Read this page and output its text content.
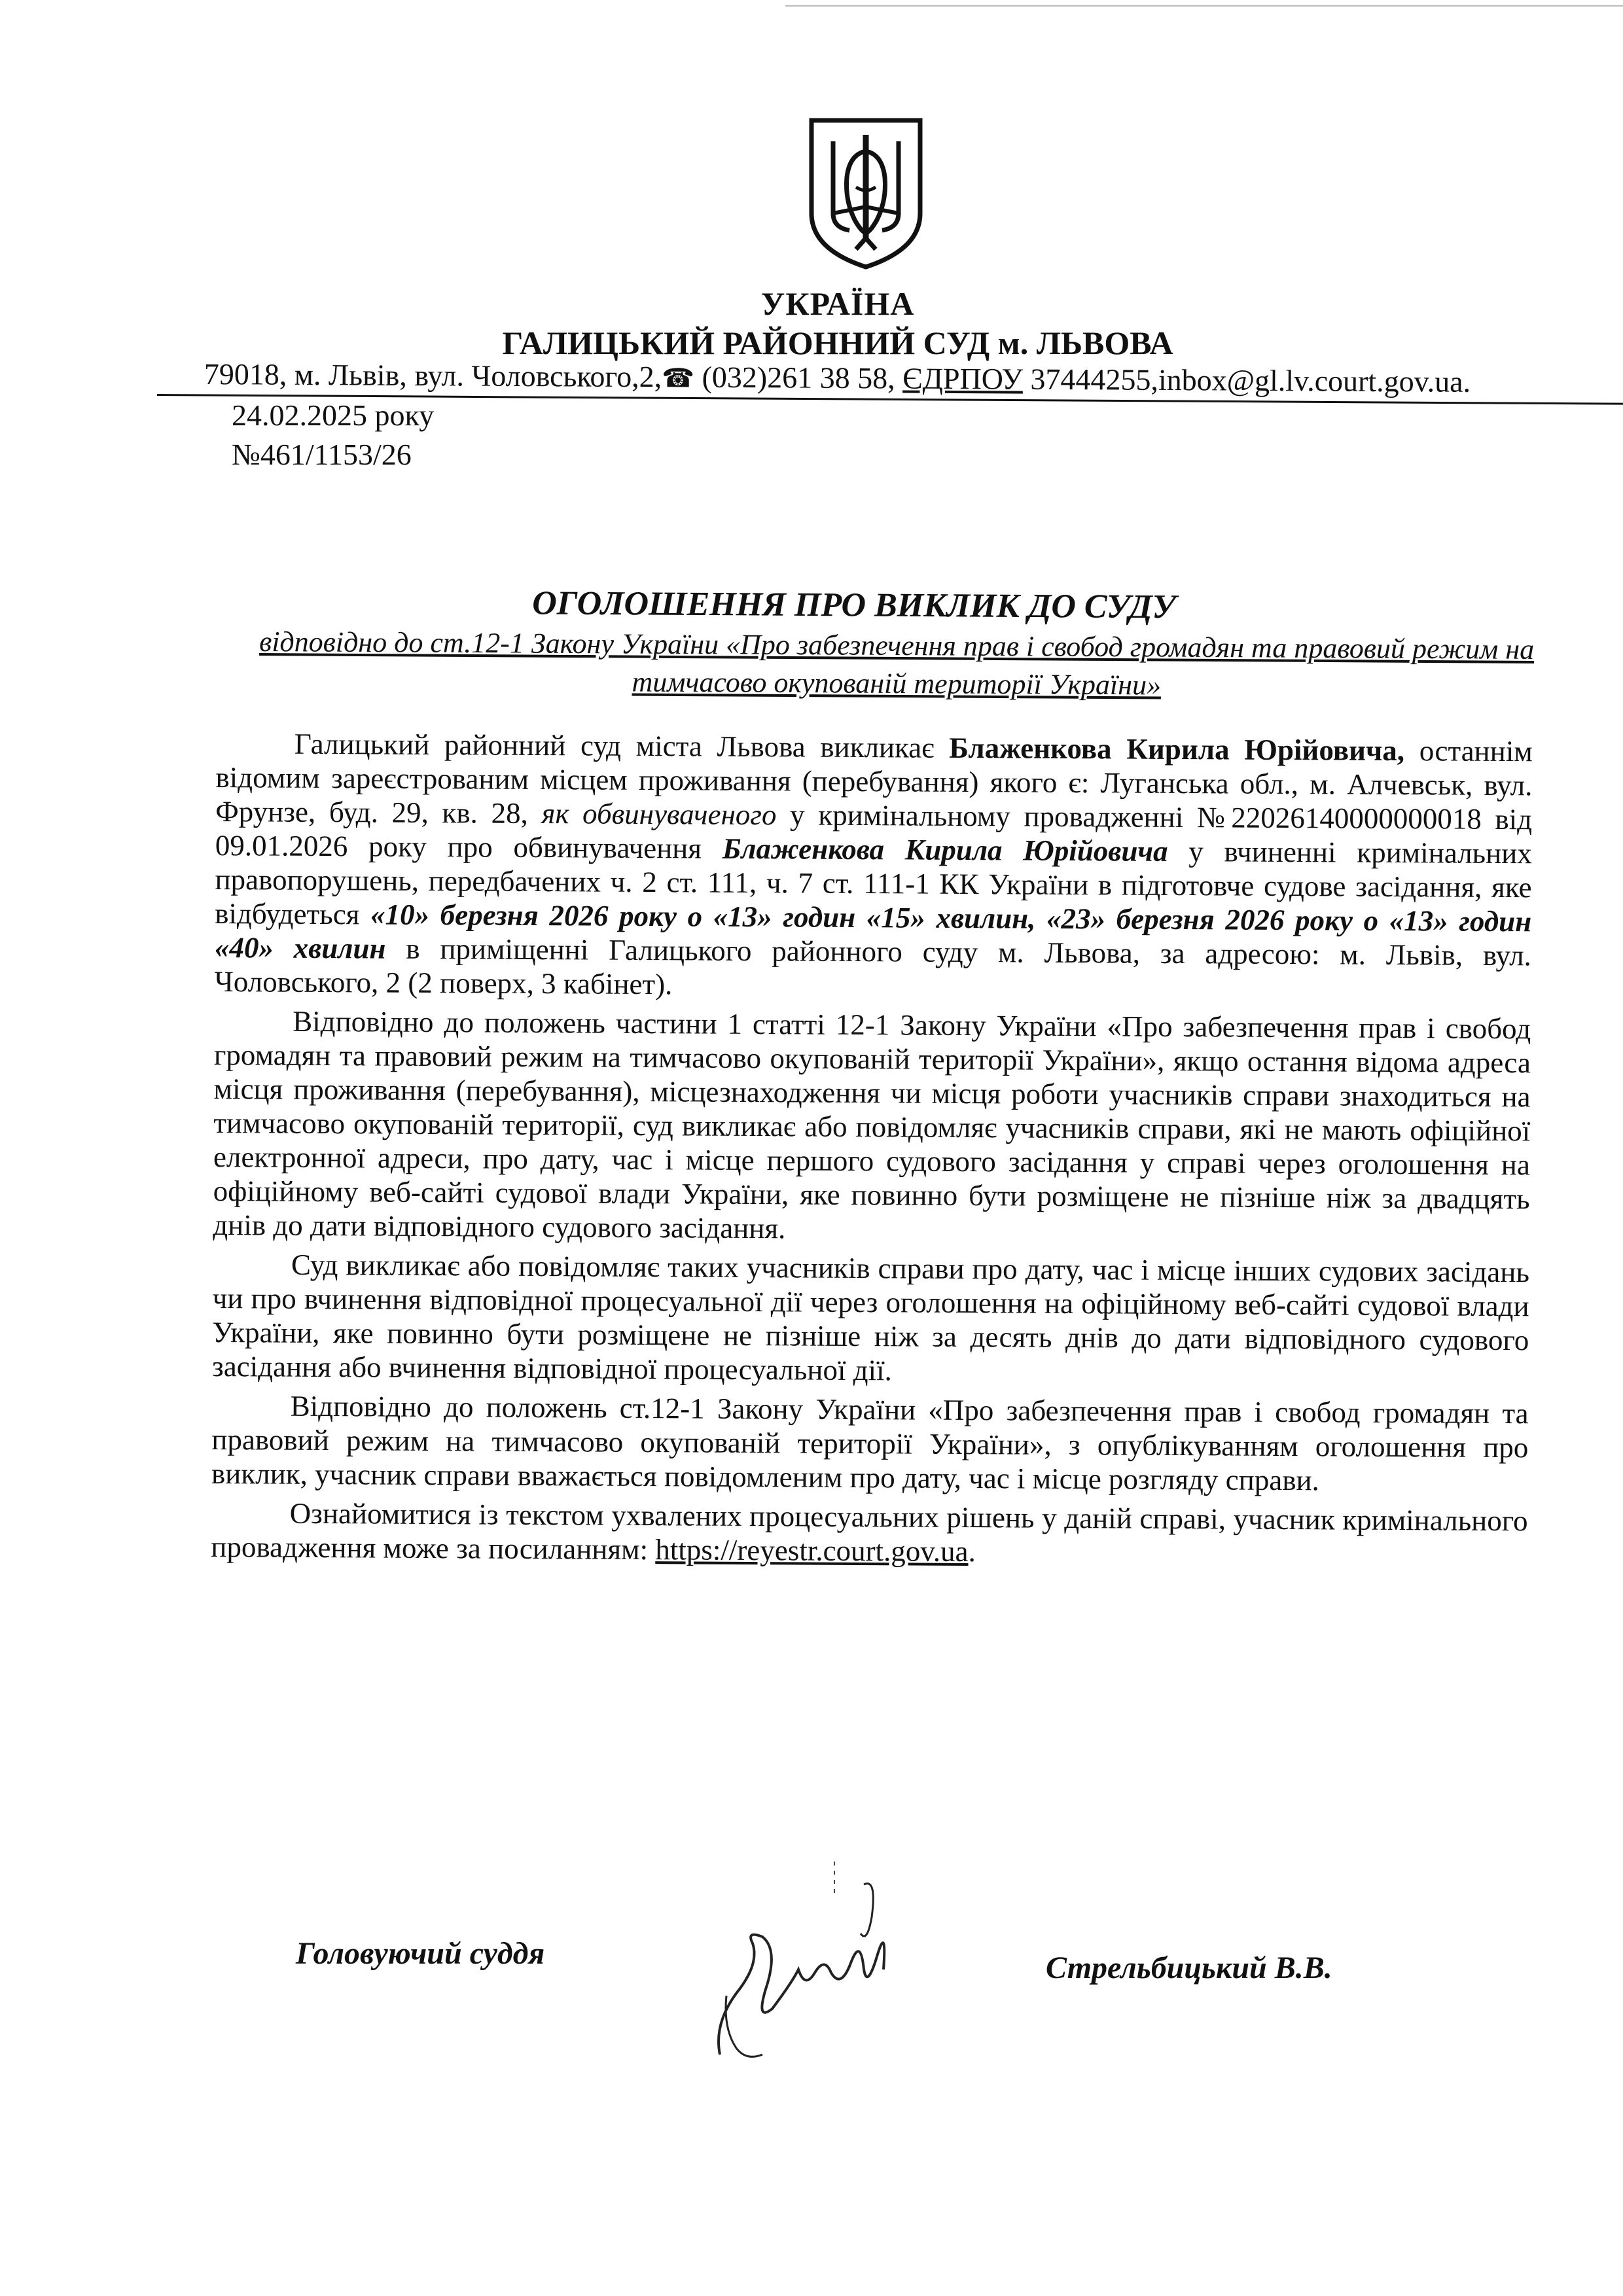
УКРАЇНА
ГАЛИЦЬКИЙ РАЙОННИЙ СУД м. ЛЬВОВА
79018, м. Львів, вул. Чоловського,2,☎ (032)261 38 58, ЄДРПОУ 37444255,inbox@gl.lv.court.gov.ua.
24.02.2025 року
№461/1153/26
ОГОЛОШЕННЯ ПРО ВИКЛИК ДО СУДУ
відповідно до ст.12-1 Закону України «Про забезпечення прав і свобод громадян та правовий режим на тимчасово окупованій території України»

Галицький районний суд міста Львова викликає Блаженкова Кирила Юрійовича, останнім відомим зареєстрованим місцем проживання (перебування) якого є: Луганська обл., м. Алчевськ, вул. Фрунзе, буд. 29, кв. 28, як обвинуваченого у кримінальному провадженні №22026140000000018 від 09.01.2026 року про обвинувачення Блаженкова Кирила Юрійовича у вчиненні кримінальних правопорушень, передбачених ч. 2 ст. 111, ч. 7 ст. 111-1 КК України в підготовче судове засідання, яке відбудеться «10» березня 2026 року о «13» годин «15» хвилин, «23» березня 2026 року о «13» годин «40» хвилин в приміщенні Галицького районного суду м. Львова, за адресою: м. Львів, вул. Чоловського, 2 (2 поверх, 3 кабінет).

Відповідно до положень частини 1 статті 12-1 Закону України «Про забезпечення прав і свобод громадян та правовий режим на тимчасово окупованій території України», якщо остання відома адреса місця проживання (перебування), місцезнаходження чи місця роботи учасників справи знаходиться на тимчасово окупованій території, суд викликає або повідомляє учасників справи, які не мають офіційної електронної адреси, про дату, час і місце першого судового засідання у справі через оголошення на офіційному веб-сайті судової влади України, яке повинно бути розміщене не пізніше ніж за двадцять днів до дати відповідного судового засідання.

Суд викликає або повідомляє таких учасників справи про дату, час і місце інших судових засідань чи про вчинення відповідної процесуальної дії через оголошення на офіційному веб-сайті судової влади України, яке повинно бути розміщене не пізніше ніж за десять днів до дати відповідного судового засідання або вчинення відповідної процесуальної дії.

Відповідно до положень ст.12-1 Закону України «Про забезпечення прав і свобод громадян та правовий режим на тимчасово окупованій території України», з опублікуванням оголошення про виклик, учасник справи вважається повідомленим про дату, час і місце розгляду справи.

Ознайомитися із текстом ухвалених процесуальних рішень у даній справі, учасник кримінального провадження може за посиланням: https://reyestr.court.gov.ua.

Головуючий суддя	Стрельбицький В.В.
